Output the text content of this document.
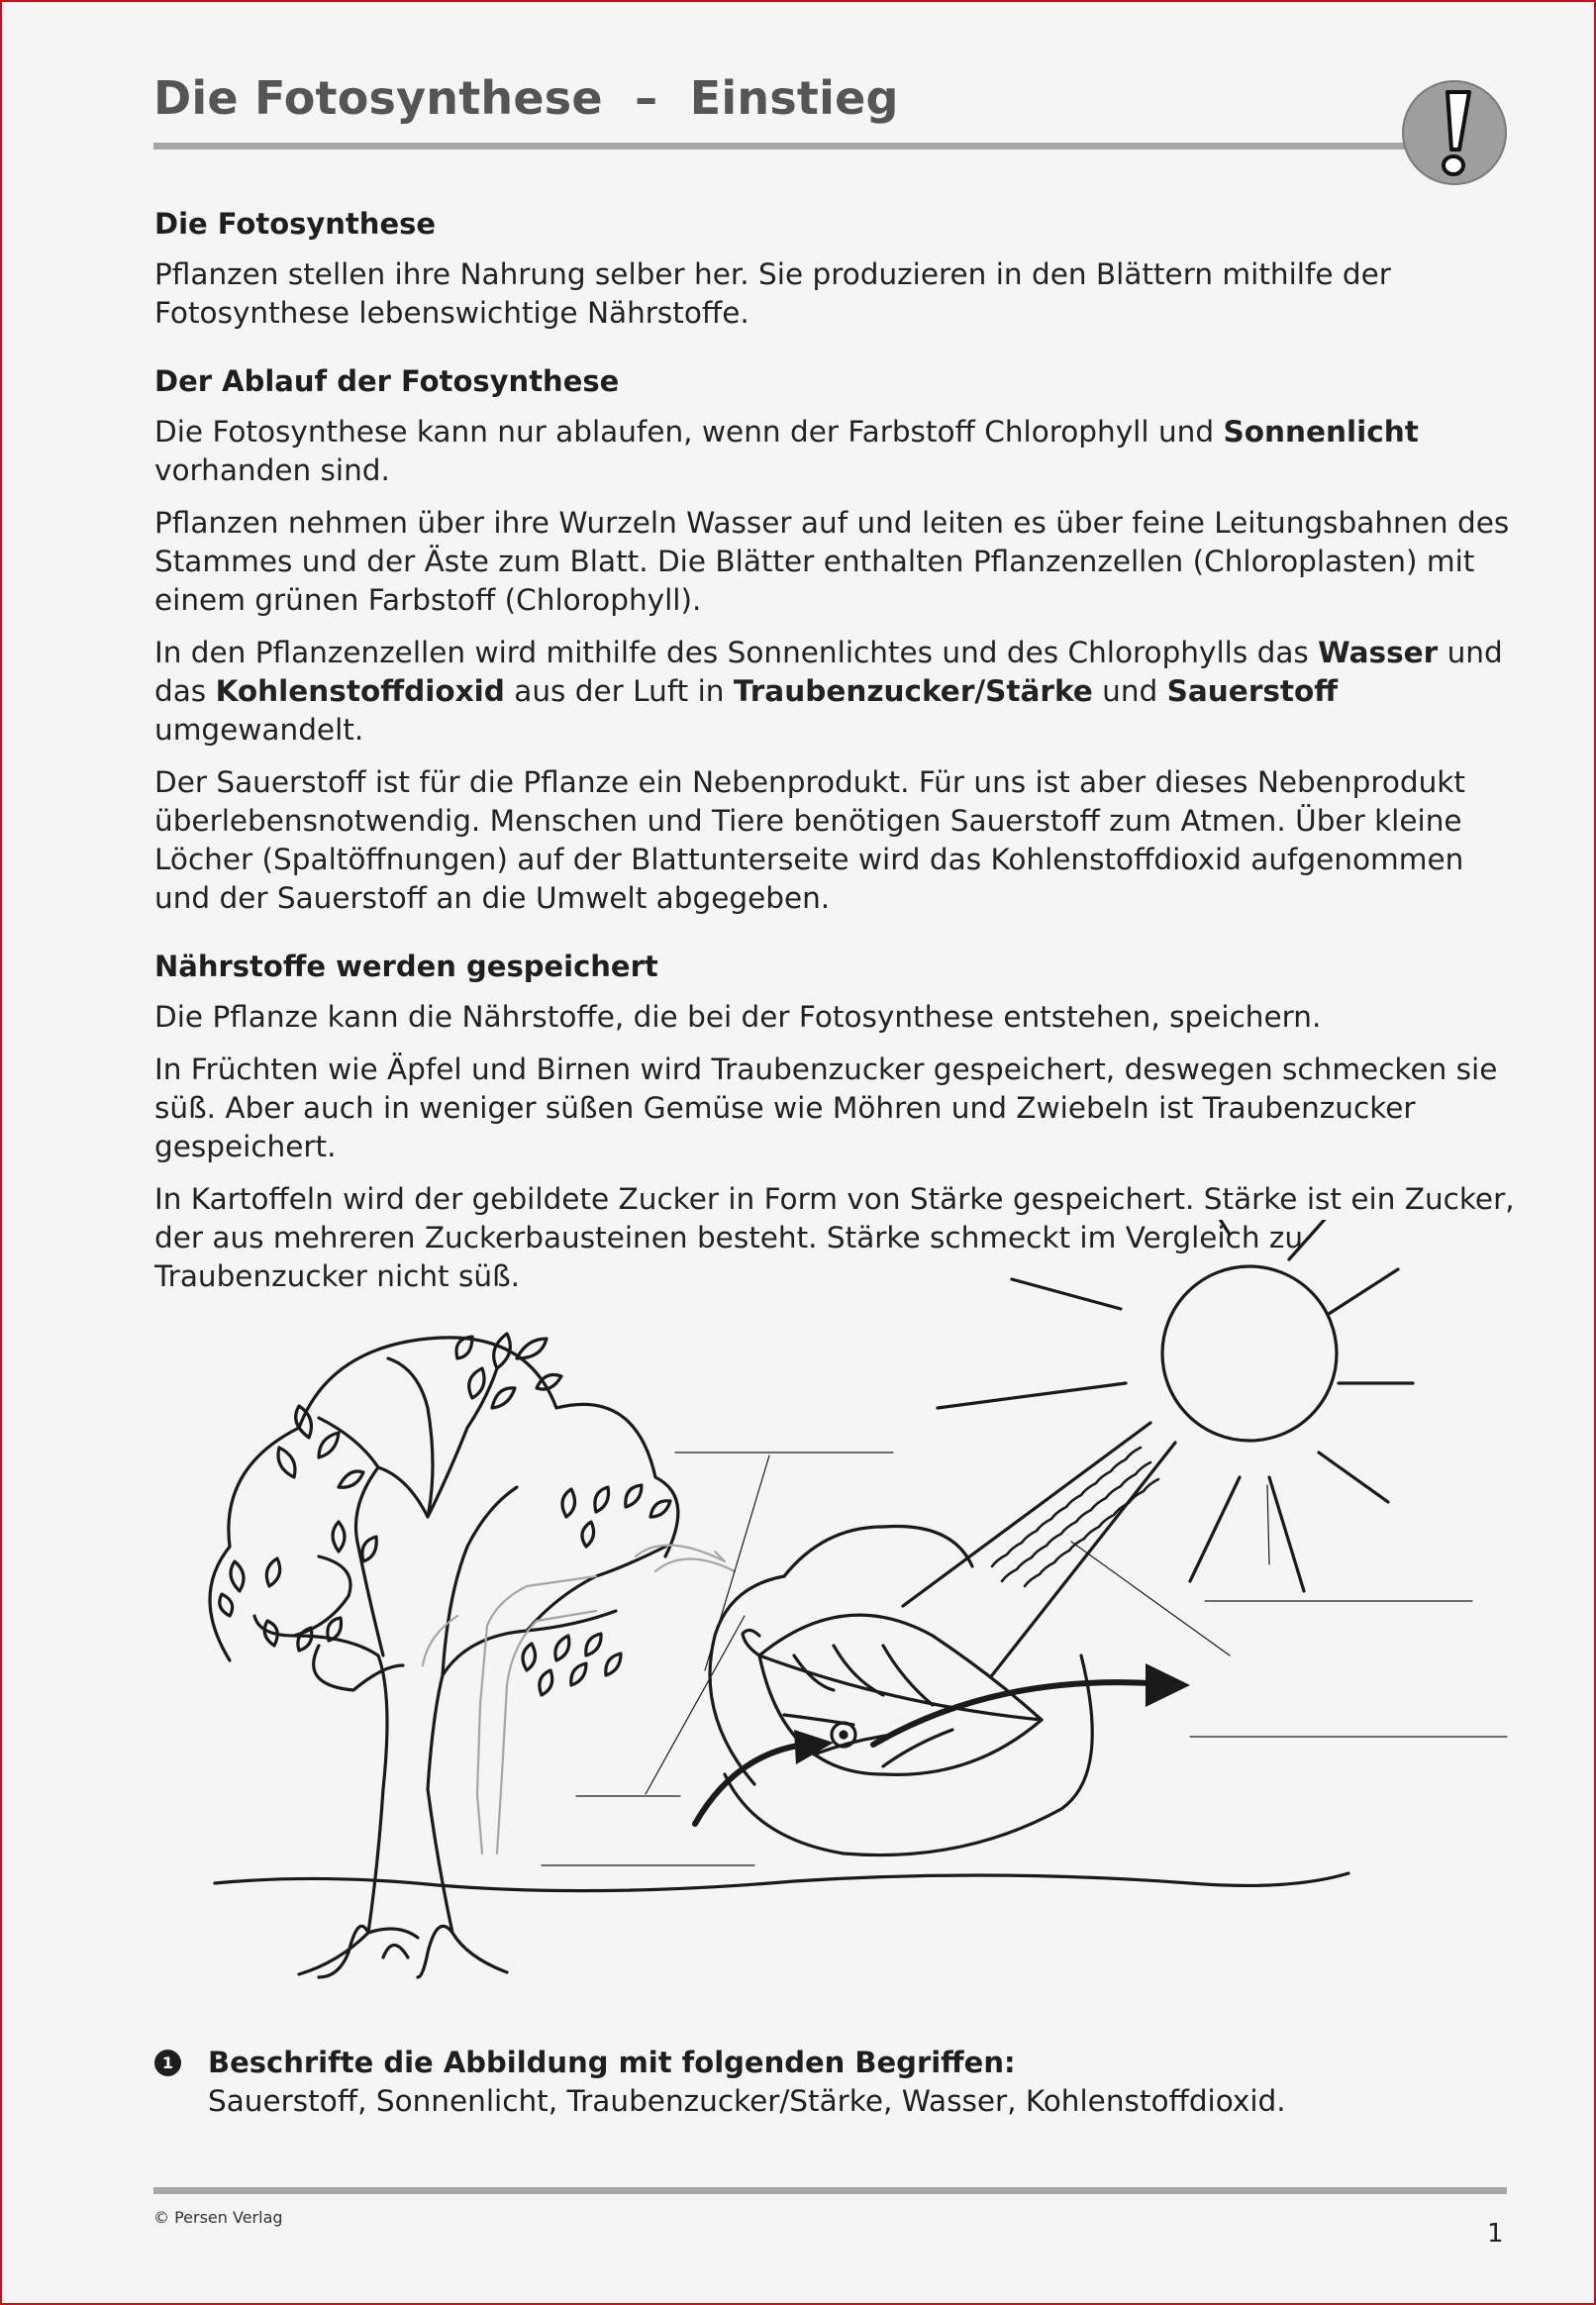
Die Fotosynthese  –  Einstieg
Die Fotosynthese

Pflanzen stellen ihre Nahrung selber her. Sie produzieren in den Blättern mithilfe der Fotosynthese lebenswichtige Nährstoffe.

Der Ablauf der Fotosynthese

Die Fotosynthese kann nur ablaufen, wenn der Farbstoff Chlorophyll und Sonnenlicht vorhanden sind.

Pflanzen nehmen über ihre Wurzeln Wasser auf und leiten es über feine Leitungsbahnen des Stammes und der Äste zum Blatt. Die Blätter enthalten Pflanzenzellen (Chloroplasten) mit einem grünen Farbstoff (Chlorophyll).

In den Pflanzenzellen wird mithilfe des Sonnenlichtes und des Chlorophylls das Wasser und das Kohlenstoffdioxid aus der Luft in Traubenzucker/Stärke und Sauerstoff umgewandelt.

Der Sauerstoff ist für die Pflanze ein Nebenprodukt. Für uns ist aber dieses Nebenprodukt überlebensnotwendig. Menschen und Tiere benötigen Sauerstoff zum Atmen. Über kleine Löcher (Spaltöffnungen) auf der Blattunterseite wird das Kohlenstoffdioxid aufgenommen und der Sauerstoff an die Umwelt abgegeben.

Nährstoffe werden gespeichert

Die Pflanze kann die Nährstoffe, die bei der Fotosynthese entstehen, speichern.

In Früchten wie Äpfel und Birnen wird Traubenzucker gespeichert, deswegen schmecken sie süß. Aber auch in weniger süßen Gemüse wie Möhren und Zwiebeln ist Traubenzucker gespeichert.

In Kartoffeln wird der gebildete Zucker in Form von Stärke gespeichert. Stärke ist ein Zucker, der aus mehreren Zuckerbausteinen besteht. Stärke schmeckt im Vergleich zu Traubenzucker nicht süß.

1 Beschrifte die Abbildung mit folgenden Begriffen:
Sauerstoff, Sonnenlicht, Traubenzucker/Stärke, Wasser, Kohlenstoffdioxid.
© Persen Verlag
1
